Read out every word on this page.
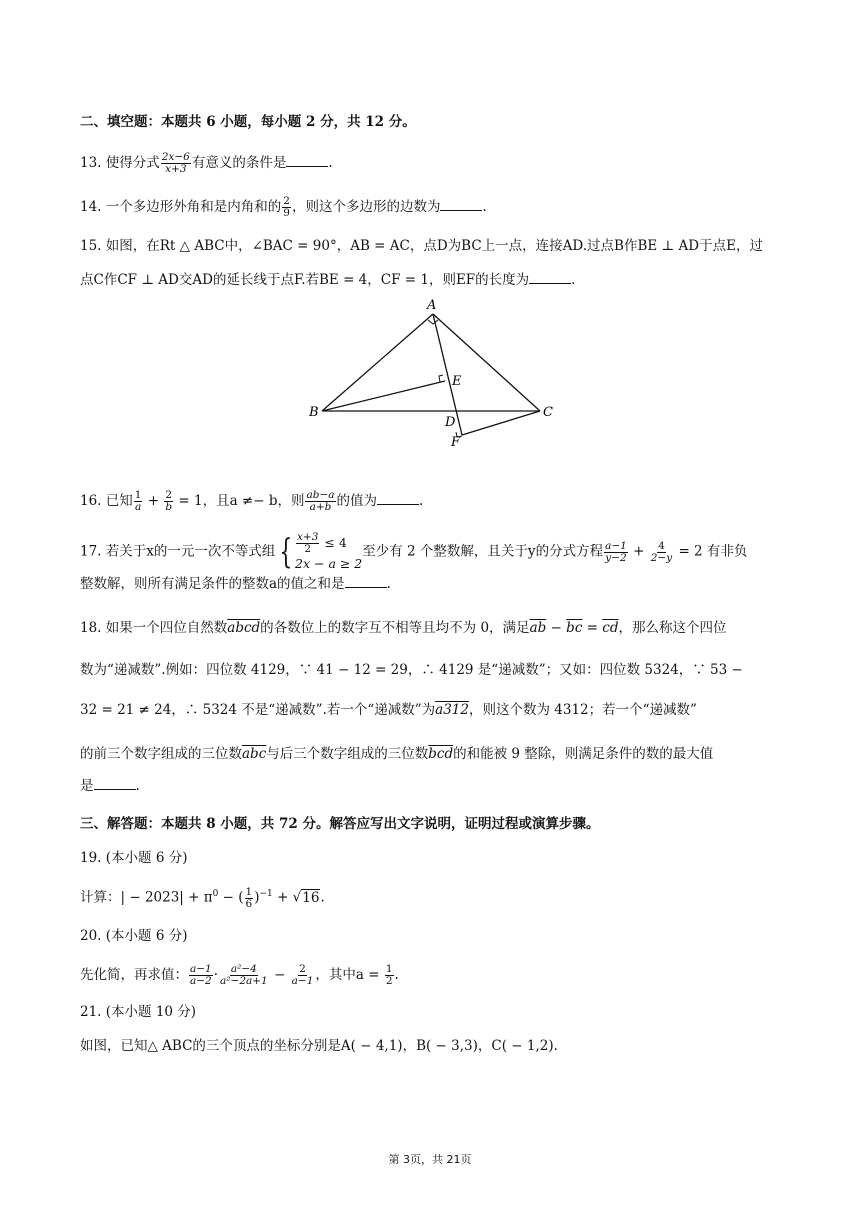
二、填空题：本题共 6 小题，每小题 2 分，共 12 分。
13. 使得分式 $\frac{2x-6}{x+3}$ 有意义的条件是	.
14. 一个多边形外角和是内角和的 $\frac{2}{9}$ ，则这个多边形的边数为	.
15. 如图，在Rt △ ABC中，∠BAC = 90°，AB = AC，点D为BC上一点，连接AD.过点B作BE ⊥ AD于点E，过
点C作CF ⊥ AD交AD的延长线于点F.若BE = 4，CF = 1，则EF的长度为	.
A
B	C
D
E
F
16. 已知 $\frac{1}{a} + \frac{2}{b} = 1$，且a ≠− b，则 $\frac{ab-a}{a+b}$ 的值为	.
17. 若关于x的一元一次不等式组 { $\frac{x+3}{2} \le 4$
2x − a ≥ 2
至少有 2 个整数解，且关于y的分式方程 $\frac{a-1}{y-2} + \frac{4}{2-y} = 2$ 有非负
整数解，则所有满足条件的整数a的值之和是	.
18. 如果一个四位自然数abcd的各数位上的数字互不相等且均不为 0，满足$\overline{ab} - \overline{bc} = \overline{cd}$，那么称这个四位
数为“递减数”.例如：四位数 4129，∵ 41 − 12 = 29，∴ 4129 是“递减数”；又如：四位数 5324，∵ 53 −
32 = 21 ≠ 24，∴ 5324 不是“递减数”.若一个“递减数”为a312，则这个数为 4312；若一个“递减数”
的前三个数字组成的三位数$\overline{abc}$与后三个数字组成的三位数$\overline{bcd}$的和能被 9 整除，则满足条件的数的最大值
是	.
三、解答题：本题共 8 小题，共 72 分。解答应写出文字说明，证明过程或演算步骤。
19. (本小题 6 分)
计算：| − $2023| + \pi^0$ − ( $\frac{1}{6} )^{-1} + √16$.
20. (本小题 6 分)
先化简，再求值： $\frac{a-1}{a-2} \cdot \frac{\text{a²−4}}{\text{a²−2a+1}} - \frac{2}{a-1}$ ，其中$a = \frac{1}{2}$ .
21. (本小题 10 分)
如图，已知△ ABC的三个顶点的坐标分别是A( − 4,1)，B( − 3,3)，C( − 1,2).
第 3页，共 21页
